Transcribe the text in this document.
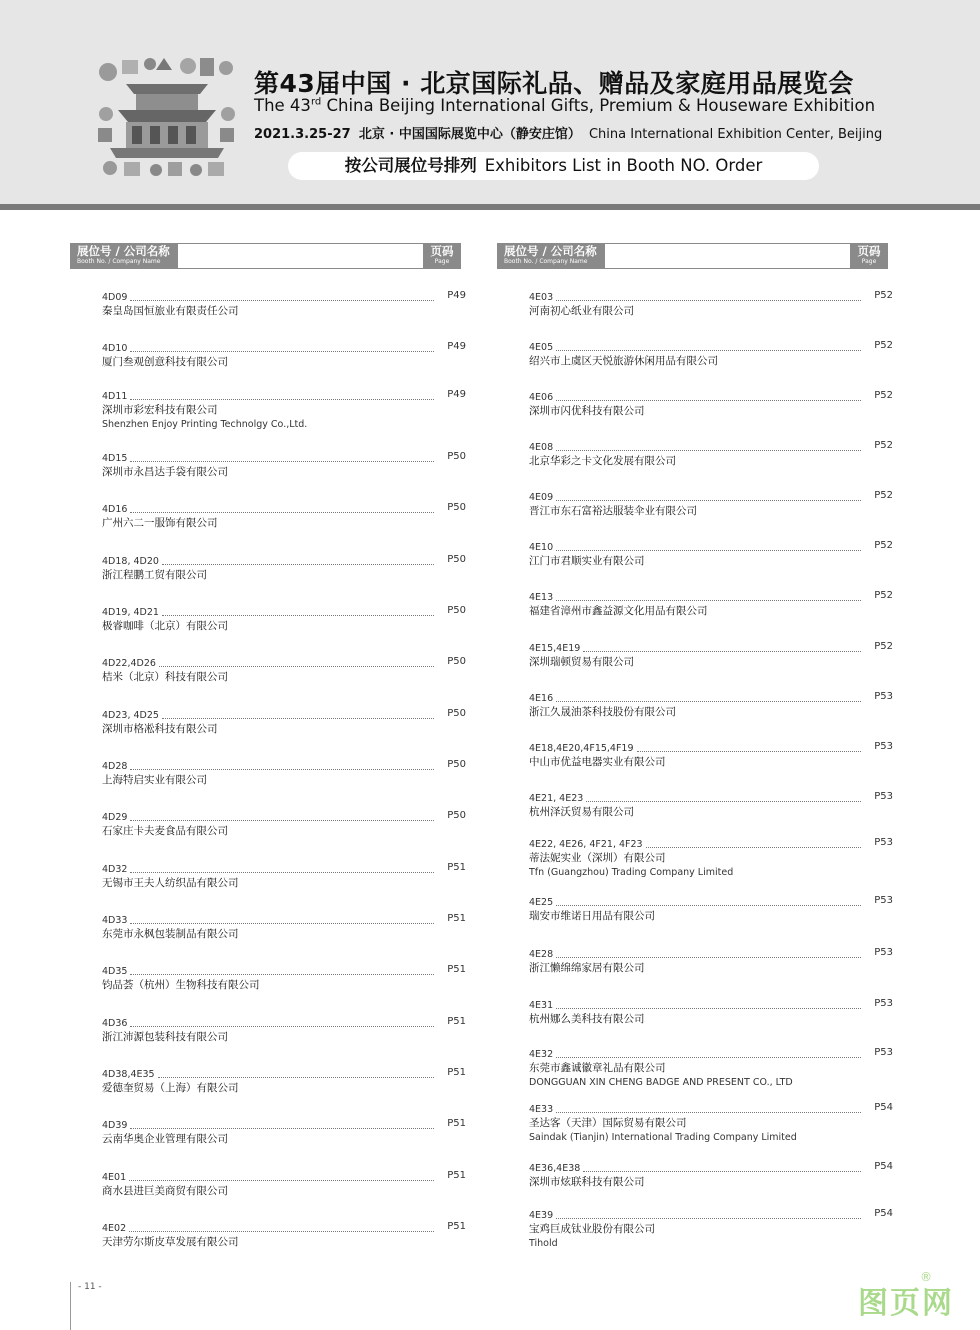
第43届中国 · 北京国际礼品、赠品及家庭用品展览会
The 43rd China Beijing International Gifts, Premium & Houseware Exhibition
2021.3.25-27 北京 · 中国国际展览中心（静安庄馆） China International Exhibition Center, Beijing
按公司展位号排列 Exhibitors List in Booth NO. Order
展位号 / 公司名称
Booth No. / Company Name
页码
Page
展位号 / 公司名称
Booth No. / Company Name
页码
Page
4D09	P49
秦皇岛国恒旅业有限责任公司
4D10	P49
厦门叁观创意科技有限公司
4D11	P49
深圳市彩宏科技有限公司
Shenzhen Enjoy Printing Technolgy Co.,Ltd.
4D15	P50
深圳市永昌达手袋有限公司
4D16	P50
广州六二一服饰有限公司
4D18, 4D20	P50
浙江程鹏工贸有限公司
4D19, 4D21	P50
极睿咖啡（北京）有限公司
4D22,4D26	P50
桔米（北京）科技有限公司
4D23, 4D25	P50
深圳市格凇科技有限公司
4D28	P50
上海特启实业有限公司
4D29	P50
石家庄卡夫麦食品有限公司
4D32	P51
无锡市王夫人纺织品有限公司
4D33	P51
东莞市永枫包装制品有限公司
4D35	P51
钧品荟（杭州）生物科技有限公司
4D36	P51
浙江沛源包装科技有限公司
4D38,4E35	P51
爱德奎贸易（上海）有限公司
4D39	P51
云南华奥企业管理有限公司
4E01	P51
商水县进巨美商贸有限公司
4E02	P51
天津劳尔斯皮草发展有限公司
4E03	P52
河南初心纸业有限公司
4E05	P52
绍兴市上虞区天悦旅游休闲用品有限公司
4E06	P52
深圳市闪优科技有限公司
4E08	P52
北京华彩之卡文化发展有限公司
4E09	P52
晋江市东石富裕达服装伞业有限公司
4E10	P52
江门市君顺实业有限公司
4E13	P52
福建省漳州市鑫益源文化用品有限公司
4E15,4E19	P52
深圳瑞顿贸易有限公司
4E16	P53
浙江久晟油茶科技股份有限公司
4E18,4E20,4F15,4F19	P53
中山市优益电器实业有限公司
4E21, 4E23	P53
杭州泽沃贸易有限公司
4E22, 4E26, 4F21, 4F23	P53
蒂法妮实业（深圳）有限公司
Tfn (Guangzhou) Trading Company Limited
4E25	P53
瑞安市维诺日用品有限公司
4E28	P53
浙江懒绵绵家居有限公司
4E31	P53
杭州娜么美科技有限公司
4E32	P53
东莞市鑫诚徽章礼品有限公司
DONGGUAN XIN CHENG BADGE AND PRESENT CO., LTD
4E33	P54
圣达客（天津）国际贸易有限公司
Saindak (Tianjin) International Trading Company Limited
4E36,4E38	P54
深圳市炫联科技有限公司
4E39	P54
宝鸡巨成钛业股份有限公司
Tihold
- 11 -	图页网
®
